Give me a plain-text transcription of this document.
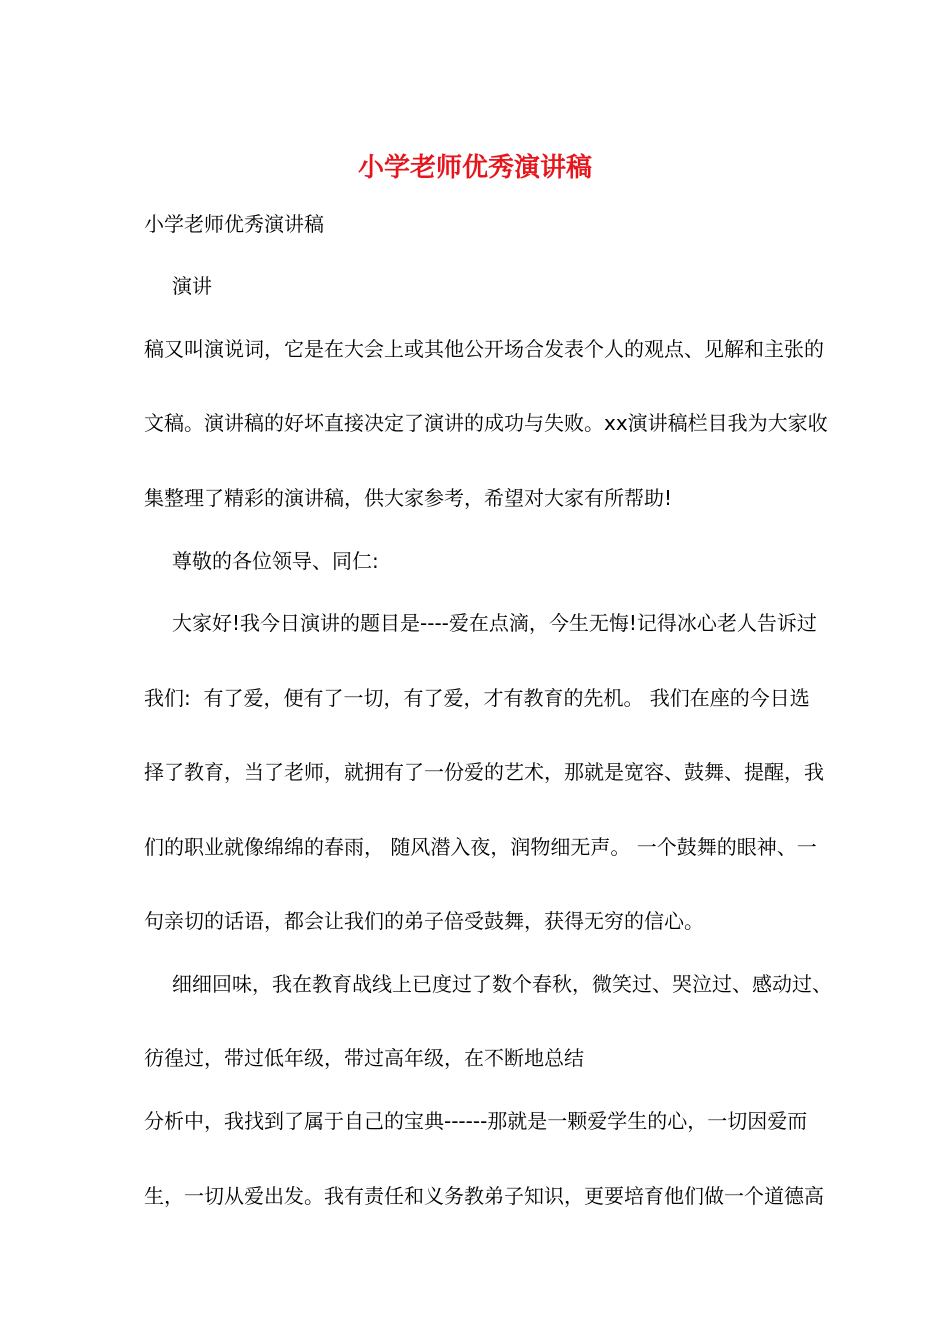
小学老师优秀演讲稿
小学老师优秀演讲稿
演讲
稿又叫演说词，它是在大会上或其他公开场合发表个人的观点、见解和主张的
文稿。演讲稿的好坏直接决定了演讲的成功与失败。xx演讲稿栏目我为大家收
集整理了精彩的演讲稿，供大家参考，希望对大家有所帮助!
尊敬的各位领导、同仁:
大家好!我今日演讲的题目是----爱在点滴，今生无悔!记得冰心老人告诉过
我们:  有了爱，便有了一切，有了爱，才有教育的先机。 我们在座的今日选
择了教育，当了老师，就拥有了一份爱的艺术，那就是宽容、鼓舞、提醒，我
们的职业就像绵绵的春雨， 随风潜入夜，润物细无声。 一个鼓舞的眼神、一
句亲切的话语，都会让我们的弟子倍受鼓舞，获得无穷的信心。
细细回味，我在教育战线上已度过了数个春秋，微笑过、哭泣过、感动过、
彷徨过，带过低年级，带过高年级，在不断地总结
分析中，我找到了属于自己的宝典------那就是一颗爱学生的心，一切因爱而
生，一切从爱出发。我有责任和义务教弟子知识，更要培育他们做一个道德高
